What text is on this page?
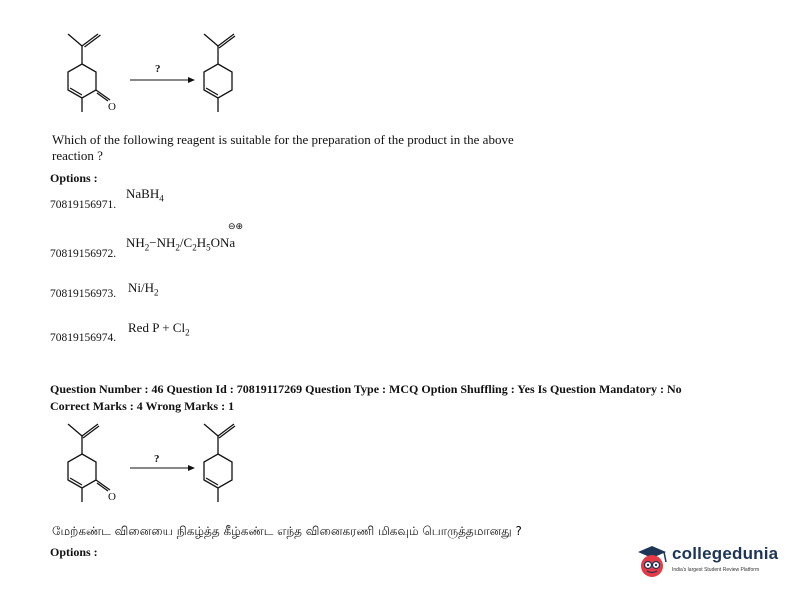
O
?
Which of the following reagent is suitable for the preparation of the product in the above
reaction ?
Options :
NaBH$_4$
70819156971.
⊖⊕
$NH_2-NH_2/C_2H_5ONa$
70819156972.
$Ni/H_2$
70819156973.
Red $P + Cl_2$
70819156974.
Question Number : 46 Question Id : 70819117269 Question Type : MCQ Option Shuffling : Yes Is Question Mandatory : No
Correct Marks : 4 Wrong Marks : 1
O
?
மேற்கண்ட வினையை நிகழ்த்த கீழ்கண்ட எந்த வினைகரணி மிகவும் பொருத்தமானது ?
Options :	collegedunia
India's largest Student Review Platform
